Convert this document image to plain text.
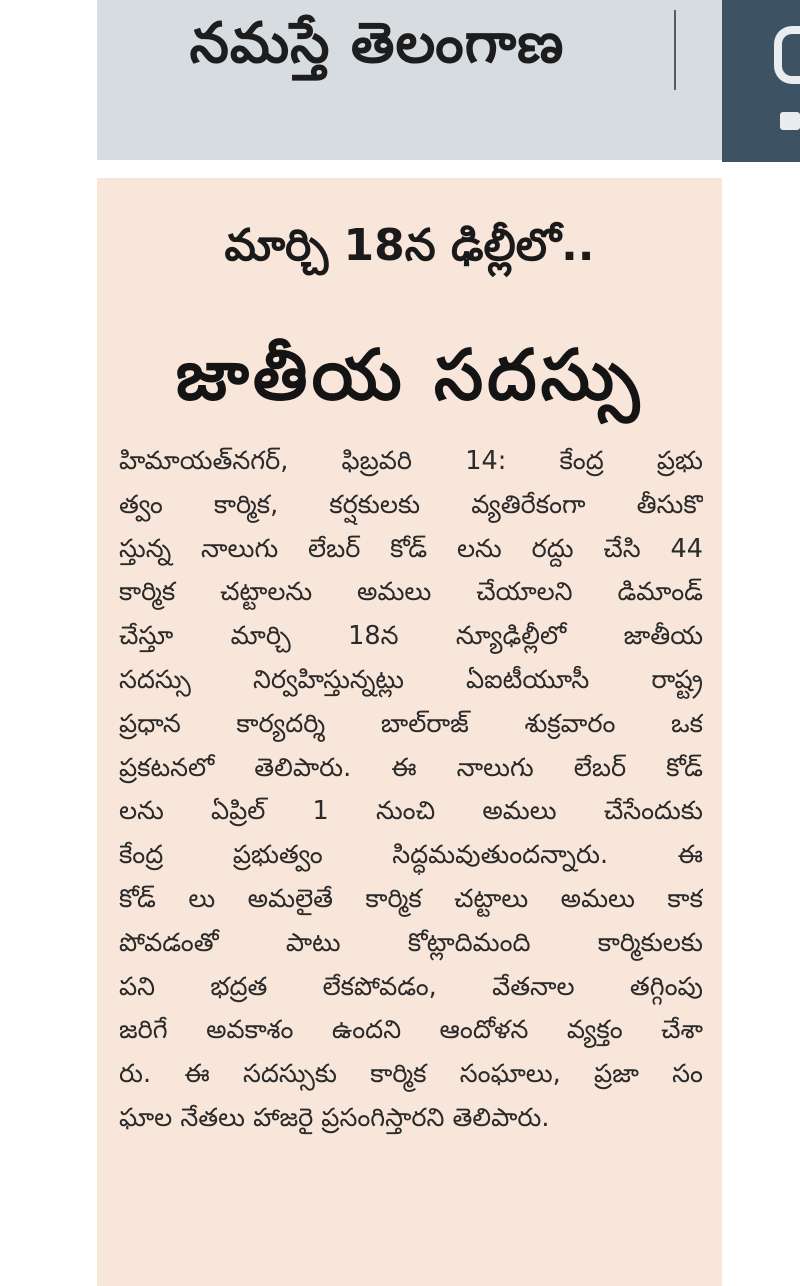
నమస్తే తెలంగాణ
మార్చి 18న ఢిల్లీలో..
జాతీయ సదస్సు
హిమాయత్‌నగర్, ఫిబ్రవరి 14: కేంద్ర ప్రభు
త్వం కార్మిక, కర్షకులకు వ్యతిరేకంగా తీసుకొ
స్తున్న నాలుగు లేబర్ కోడ్ లను రద్దు చేసి 44
కార్మిక చట్టాలను అమలు చేయాలని డిమాండ్
చేస్తూ మార్చి 18న న్యూఢిల్లీలో జాతీయ
సదస్సు నిర్వహిస్తున్నట్లు ఏఐటీయూసీ రాష్ట్ర
ప్రధాన కార్యదర్శి బాల్‌రాజ్ శుక్రవారం ఒక
ప్రకటనలో తెలిపారు. ఈ నాలుగు లేబర్ కోడ్
లను ఏప్రిల్ 1 నుంచి అమలు చేసేందుకు
కేంద్ర ప్రభుత్వం సిద్ధమవుతుందన్నారు. ఈ
కోడ్ లు అమలైతే కార్మిక చట్టాలు అమలు కాక
పోవడంతో పాటు కోట్లాదిమంది కార్మికులకు
పని భద్రత లేకపోవడం, వేతనాల తగ్గింపు
జరిగే అవకాశం ఉందని ఆందోళన వ్యక్తం చేశా
రు. ఈ సదస్సుకు కార్మిక సంఘాలు, ప్రజా సం
ఘాల నేతలు హాజరై ప్రసంగిస్తారని తెలిపారు.
